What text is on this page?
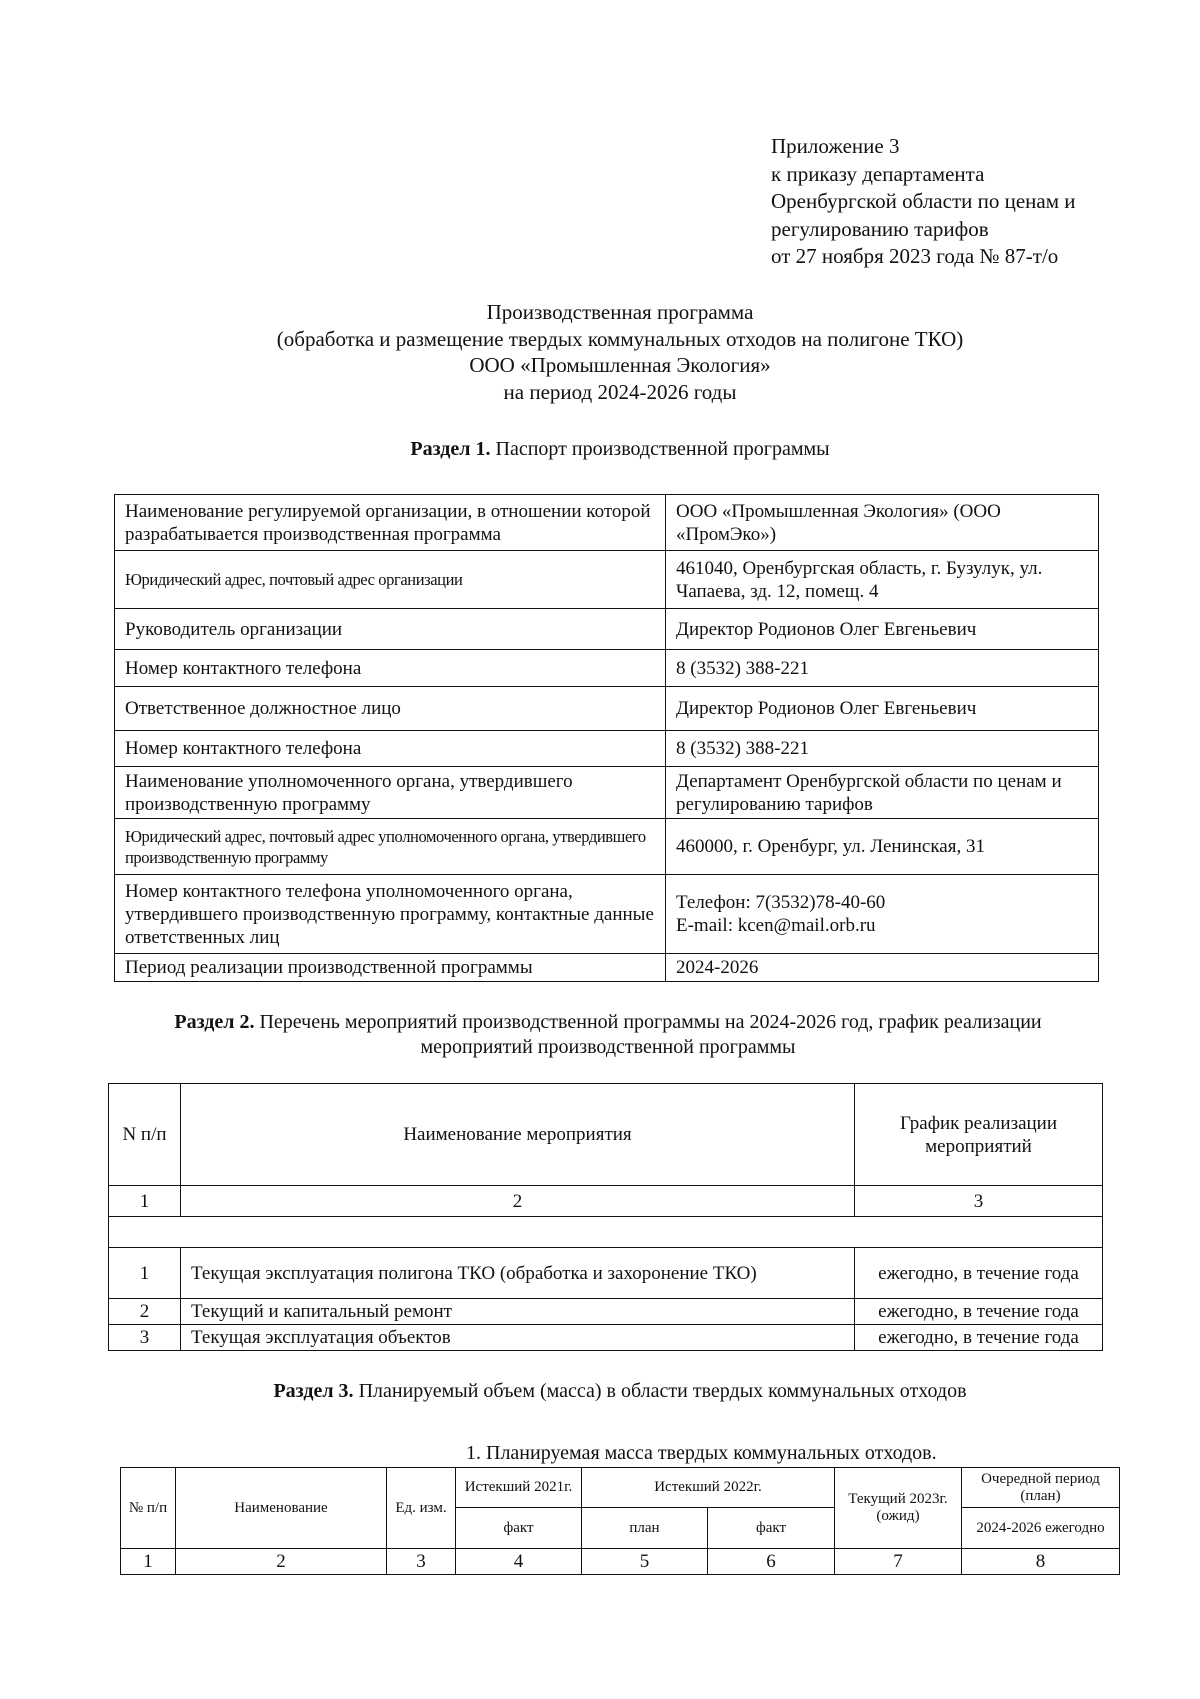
Приложение 3
к приказу департамента
Оренбургской области по ценам и
регулированию тарифов
от 27 ноября 2023 года № 87-т/о
Производственная программа
(обработка и размещение твердых коммунальных отходов на полигоне ТКО)
ООО «Промышленная Экология»
на период 2024-2026 годы
Раздел 1. Паспорт производственной программы
Наименование регулируемой организации, в отношении которой разрабатывается производственная программа	ООО «Промышленная Экология» (ООО «ПромЭко»)
Юридический адрес, почтовый адрес организации	461040, Оренбургская область, г. Бузулук, ул. Чапаева, зд. 12, помещ. 4
Руководитель организации	Директор Родионов Олег Евгеньевич
Номер контактного телефона	8 (3532) 388-221
Ответственное должностное лицо	Директор Родионов Олег Евгеньевич
Номер контактного телефона	8 (3532) 388-221
Наименование уполномоченного органа, утвердившего производственную программу	Департамент Оренбургской области по ценам и регулированию тарифов
Юридический адрес, почтовый адрес уполномоченного органа, утвердившего производственную программу	460000, г. Оренбург, ул. Ленинская, 31
Номер контактного телефона уполномоченного органа, утвердившего производственную программу, контактные данные ответственных лиц	Телефон: 7(3532)78-40-60
E-mail: kcen@mail.orb.ru

Период реализации производственной программы	2024-2026
Раздел 2. Перечень мероприятий производственной программы на 2024-2026 год, график реализации
мероприятий производственной программы
N п/п	Наименование мероприятия	График реализации мероприятий
1	2	3

1	Текущая эксплуатация полигона ТКО (обработка и захоронение ТКО)	ежегодно, в течение года
2	Текущий и капитальный ремонт	ежегодно, в течение года
3	Текущая эксплуатация объектов	ежегодно, в течение года
Раздел 3. Планируемый объем (масса) в области твердых коммунальных отходов
1. Планируемая масса твердых коммунальных отходов.
№ п/п	Наименование	Ед. изм.	Истекший 2021г.	Истекший 2022г.		Текущий 2023г. (ожид)	Очередной период (план)
			факт	план	факт		2024-2026 ежегодно
1	2	3	4	5	6	7	8
